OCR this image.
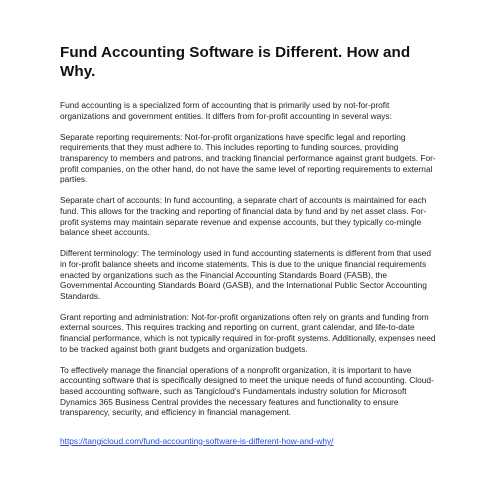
Fund Accounting Software is Different. How and Why.

Fund accounting is a specialized form of accounting that is primarily used by not-for-profit organizations and government entities. It differs from for-profit accounting in several ways:

Separate reporting requirements: Not-for-profit organizations have specific legal and reporting requirements that they must adhere to. This includes reporting to funding sources, providing transparency to members and patrons, and tracking financial performance against grant budgets. For-profit companies, on the other hand, do not have the same level of reporting requirements to external parties.

Separate chart of accounts: In fund accounting, a separate chart of accounts is maintained for each fund. This allows for the tracking and reporting of financial data by fund and by net asset class. For-profit systems may maintain separate revenue and expense accounts, but they typically co-mingle balance sheet accounts.

Different terminology: The terminology used in fund accounting statements is different from that used in for-profit balance sheets and income statements. This is due to the unique financial requirements enacted by organizations such as the Financial Accounting Standards Board (FASB), the Governmental Accounting Standards Board (GASB), and the International Public Sector Accounting Standards.

Grant reporting and administration: Not-for-profit organizations often rely on grants and funding from external sources. This requires tracking and reporting on current, grant calendar, and life-to-date financial performance, which is not typically required in for-profit systems. Additionally, expenses need to be tracked against both grant budgets and organization budgets.

To effectively manage the financial operations of a nonprofit organization, it is important to have accounting software that is specifically designed to meet the unique needs of fund accounting. Cloud-based accounting software, such as Tangicloud’s Fundamentals industry solution for Microsoft Dynamics 365 Business Central provides the necessary features and functionality to ensure transparency, security, and efficiency in financial management.

https://tangicloud.com/fund-accounting-software-is-different-how-and-why/
